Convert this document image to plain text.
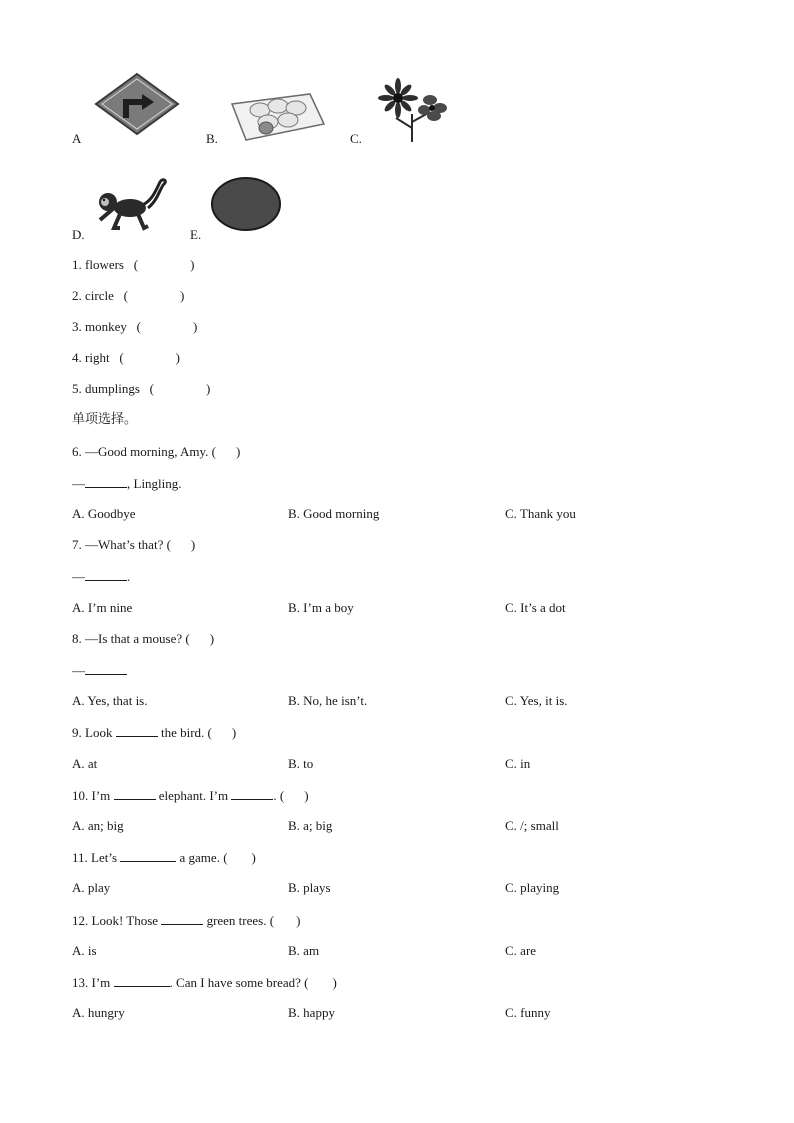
A	B.	C.
D.	E.
1. flowers   (	)
2. circle   (	)
3. monkey   (	)
4. right   (	)
5. dumplings   (	)
单项选择。
6. —Good morning, Amy. ( )
—	, Lingling.
A. Goodbye	B. Good morning	C. Thank you
7. —What’s that? ( )
—	.
A. I’m nine	B. I’m a boy	C. It’s a dot
8. —Is that a mouse? ( )
—
A. Yes, that is.	B. No, he isn’t.	C. Yes, it is.
9. Look	the bird. ( )
A. at	B. to	C. in
10. I’m	elephant. I’m	. ( )
A. an; big	B. a; big	C. /; small
11. Let’s	a game. ( )
A. play	B. plays	C. playing
12. Look! Those	green trees. ( )
A. is	B. am	C. are
13. I’m	. Can I have some bread? ( )
A. hungry	B. happy	C. funny
